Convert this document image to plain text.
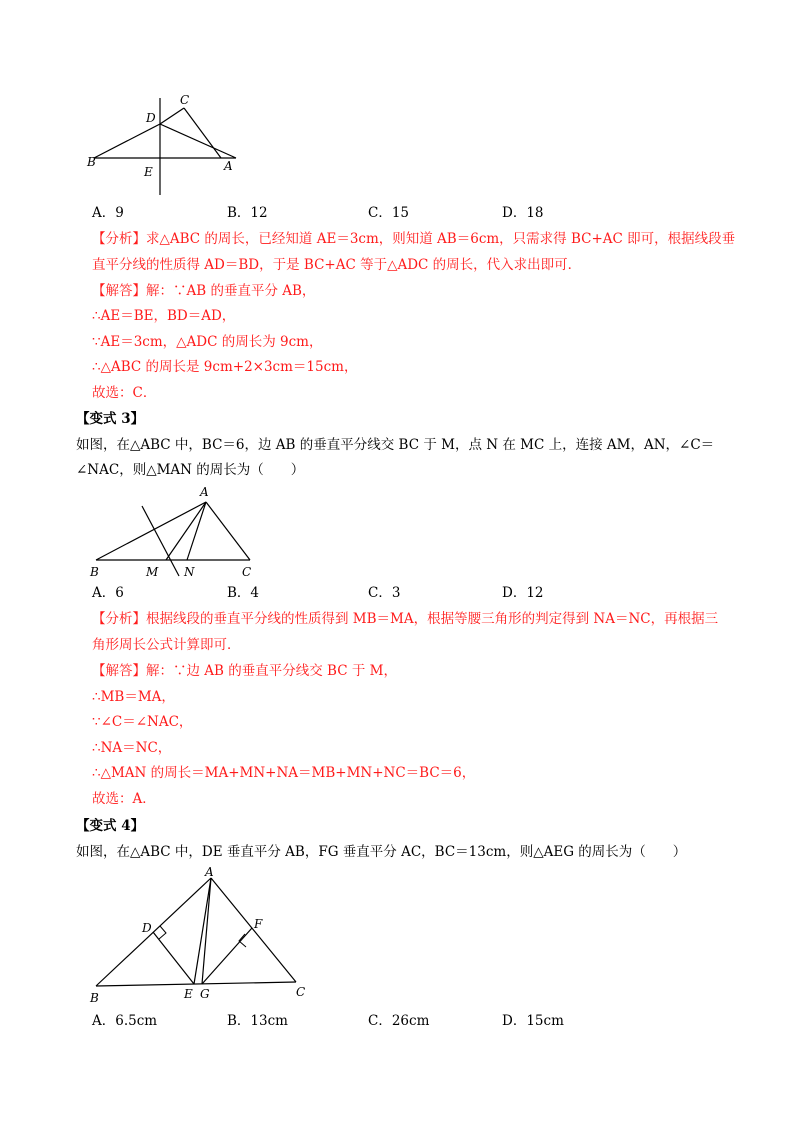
C
D
B
E	A
A．9	B．12	C．15	D．18
【分析】求△ABC 的周长，已经知道 AE＝3cm，则知道 AB＝6cm，只需求得 BC+AC 即可，根据线段垂
直平分线的性质得 AD＝BD，于是 BC+AC 等于△ADC 的周长，代入求出即可．
【解答】解：∵AB 的垂直平分 AB，
∴AE＝BE，BD＝AD，
∵AE＝3cm，△ADC 的周长为 9cm，
∴△ABC 的周长是 9cm+2×3cm＝15cm，
故选：C．
【变式 3】
如图，在△ABC 中，BC＝6，边 AB 的垂直平分线交 BC 于 M，点 N 在 MC 上，连接 AM，AN，∠C＝
∠NAC，则△MAN 的周长为（　　）
A
B	M N	C
A．6	B．4	C．3	D．12
【分析】根据线段的垂直平分线的性质得到 MB＝MA，根据等腰三角形的判定得到 NA＝NC，再根据三
角形周长公式计算即可．
【解答】解：∵边 AB 的垂直平分线交 BC 于 M，
∴MB＝MA，
∵∠C＝∠NAC，
∴NA＝NC，
∴△MAN 的周长＝MA+MN+NA＝MB+MN+NC＝BC＝6，
故选：A．
【变式 4】
如图，在△ABC 中，DE 垂直平分 AB，FG 垂直平分 AC，BC＝13cm，则△AEG 的周长为（　　）
A
D	F
B	E G	C
A．6.5cm	B．13cm	C．26cm	D．15cm
